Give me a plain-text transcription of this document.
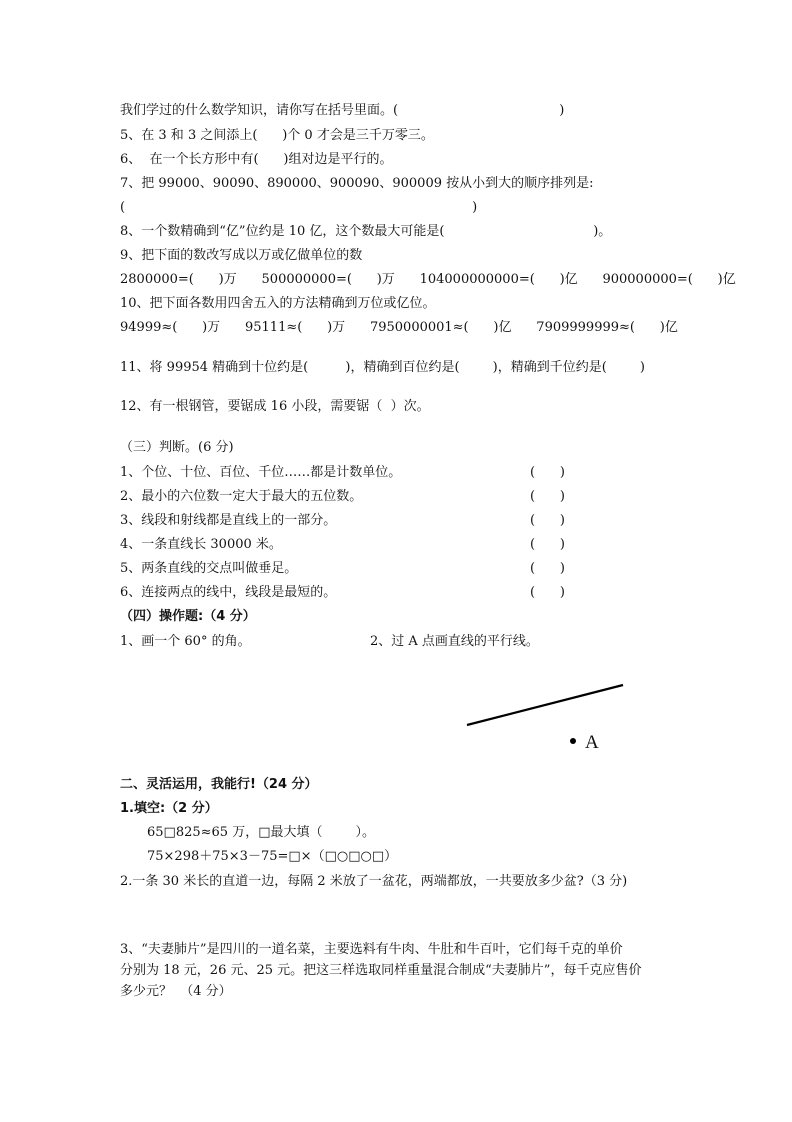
我们学过的什么数学知识，请你写在括号里面。(                                       )
5、在 3 和 3 之间添上(      )个 0 才会是三千万零三。
6、  在一个长方形中有(      )组对边是平行的。
7、把 99000、90090、890000、900090、900009 按从小到大的顺序排列是:
(                                                                                    )
8、一个数精确到“亿”位约是 10 亿，这个数最大可能是(                                    )。
9、把下面的数改写成以万或亿做单位的数
2800000=(      )万      500000000=(      )万      104000000000=(      )亿      900000000=(      )亿
10、把下面各数用四舍五入的方法精确到万位或亿位。
94999≈(      )万      95111≈(      )万      7950000001≈(      )亿      7909999999≈(      )亿
11、将 99954 精确到十位约是(         )，精确到百位约是(        )，精确到千位约是(        )
12、有一根钢管，要锯成 16 小段，需要锯（  ）次。
（三）判断。(6 分)
1、个位、十位、百位、千位……都是计数单位。	(      )
2、最小的六位数一定大于最大的五位数。	(      )
3、线段和射线都是直线上的一部分。	(      )
4、一条直线长 30000 米。	(      )
5、两条直线的交点叫做垂足。	(      )
6、连接两点的线中，线段是最短的。	(      )
（四）操作题:（4 分）
1、画一个 60° 的角。	2、过 A 点画直线的平行线。
A
二、灵活运用，我能行!（24 分）
1.填空:（2 分）
65□825≈65 万，□最大填（        ）。
75×298＋75×3－75=□×（□○□○□）
2.一条 30 米长的直道一边，每隔 2 米放了一盆花，两端都放，一共要放多少盆?（3 分)
3、“夫妻肺片”是四川的一道名菜，主要选料有牛肉、牛肚和牛百叶，它们每千克的单价
分别为 18 元，26 元、25 元。把这三样选取同样重量混合制成“夫妻肺片”，每千克应售价
多少元？  （4 分）
